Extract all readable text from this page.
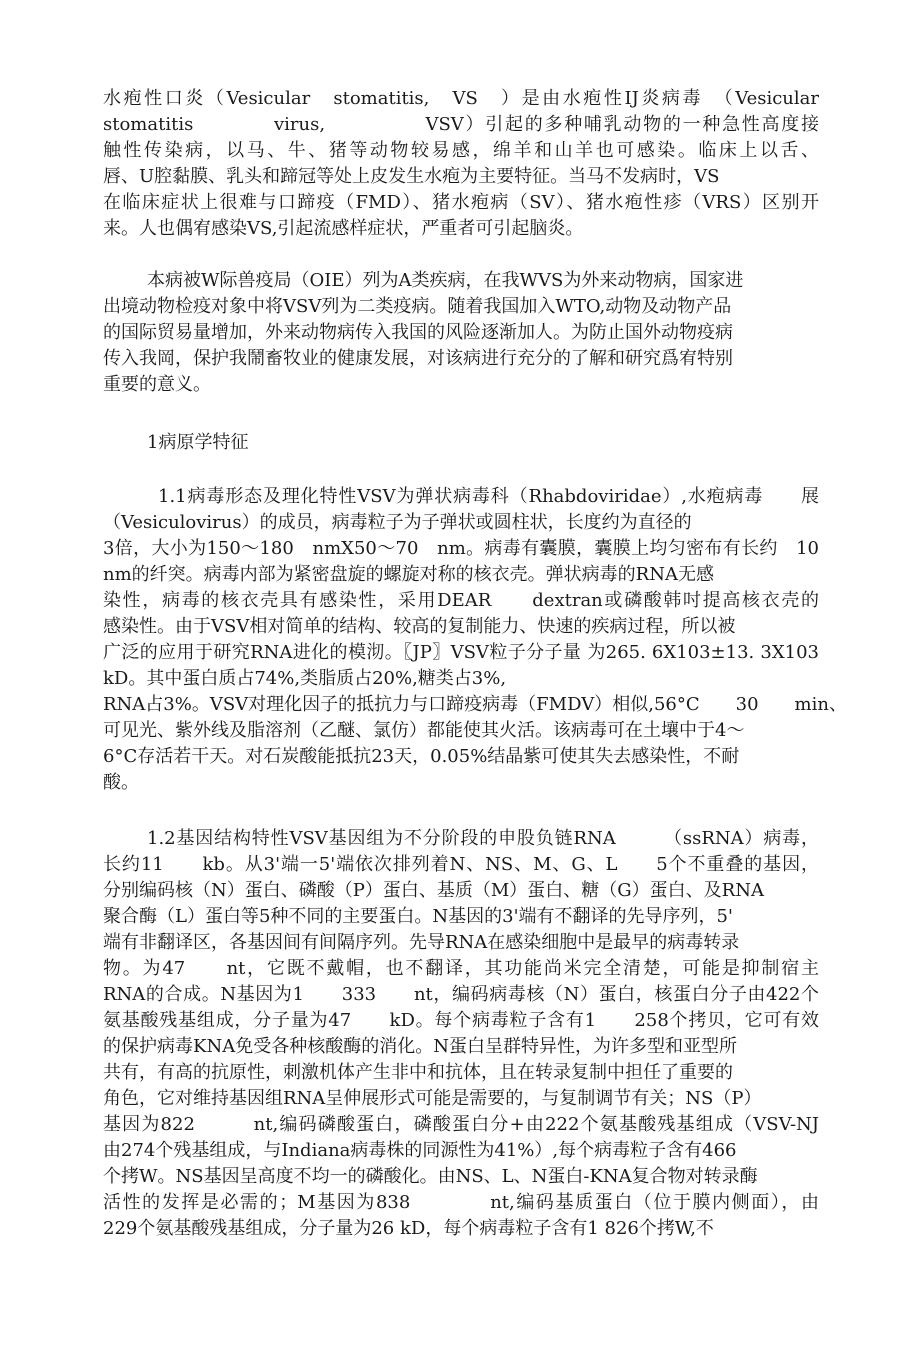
水疱性口炎（Vesicular　stomatitis,　VS　）是由水疱性IJ炎病毒　（Vesicular

stomatitis　　　　virus,　　　　　VSV）引起的多种哺乳动物的一种急性高度接

触性传染病，以马、牛、猪等动物较易感，绵羊和山羊也可感染。临床上以舌、

唇、U腔黏膜、乳头和蹄冠等处上皮发生水疱为主要特征。当马不发病时，VS

在临床症状上很难与口蹄疫（FMD）、猪水疱病（SV）、猪水疱性疹（VRS）区别开

来。人也偶宥感染VS,引起流感样症状，严重者可引起脑炎。

本病被W际兽疫局（OIE）列为A类疾病，在我WVS为外来动物病，国家进

出境动物检疫对象中将VSV列为二类疫病。随着我国加入WTO,动物及动物产品

的国际贸易量增加，外来动物病传入我国的风险逐渐加人。为防止国外动物疫病

传入我岡，保护我鬧畜牧业的健康发展，对该病进行充分的了解和研究爲宥特别

重要的意义。

1病原学特征

1.1病毒形态及理化特性VSV为弹状病毒科（Rhabdoviridae）,水疱病毒　　展

（Vesiculovirus）的成员，病毒粒子为子弹状或圆柱状，长度约为直径的

3倍，大小为150〜180　nmX50〜70　nm。病毒有囊膜，囊膜上均匀密布有长约　10

nm的纤突。病毒内部为紧密盘旋的螺旋对称的核衣壳。弹状病毒的RNA无感

染性，病毒的核衣壳具有感染性，采用DEAR　　dextran或磷酸韩吋提高核衣壳的

感染性。由于VSV相对简单的结构、较高的复制能力、快速的疾病过程，所以被

广泛的应用于研究RNA进化的模沏。〖JP〗VSV粒子分子量 为265. 6X103±13. 3X103

kD。其中蛋白质占74%,类脂质占20%,糖类占3%,

RNA占3%。VSV对理化因子的抵抗力与口蹄疫病毒（FMDV）相似,56°C　　30　　min、

可见光、紫外线及脂溶剂（乙醚、氯仿）都能使其火活。该病毒可在土壤中于4〜

6°C存活若干天。对石炭酸能抵抗23天，0.05%结晶紫可使其失去感染性，不耐

酸。

1.2基因结构特性VSV基因组为不分阶段的申股负链RNA　　　（ssRNA）病毒，

长约11　　kb。从3'端一5'端依次排列着N、NS、M、G、L　　5个不重叠的基因，

分别编码核（N）蛋白、磷酸（P）蛋白、基质（M）蛋白、糖（G）蛋白、及RNA

聚合酶（L）蛋白等5种不同的主要蛋白。N基因的3'端有不翻译的先导序列，5'

端有非翻译区，各基因间有间隔序列。先导RNA在感染细胞中是最早的病毒转录

物。为47　　nt，它既不戴帽，也不翻译，其功能尚米完全清楚，可能是抑制宿主

RNA的合成。N基因为1　　333　　nt，编码病毒核（N）蛋白，核蛋白分子由422个

氨基酸残基组成，分子量为47　　kD。每个病毒粒子含有1　　258个拷贝，它可有效

的保护病毒KNA免受各种核酸酶的消化。N蛋白呈群特异性，为许多型和亚型所

共有，有高的抗原性，刺激机体产生非中和抗体，且在转录复制中担任了重要的

角色，它对维持基因组RNA呈伸展形式可能是需要的，与复制调节有关；NS（P）

基因为822　　　nt,编码磷酸蛋白，磷酸蛋白分+由222个氨基酸残基组成（VSV-NJ

由274个残基组成，与Indiana病毒株的同源性为41%）,每个病毒粒子含有466

个拷W。NS基因呈高度不均一的磷酸化。由NS、L、N蛋白-KNA复合物对转录酶

活性的发挥是必需的；M基因为838　　　　nt,编码基质蛋白（位于膜内侧面），由

229个氨基酸残基组成，分子量为26 kD，每个病毒粒子含有1 826个拷W,不
